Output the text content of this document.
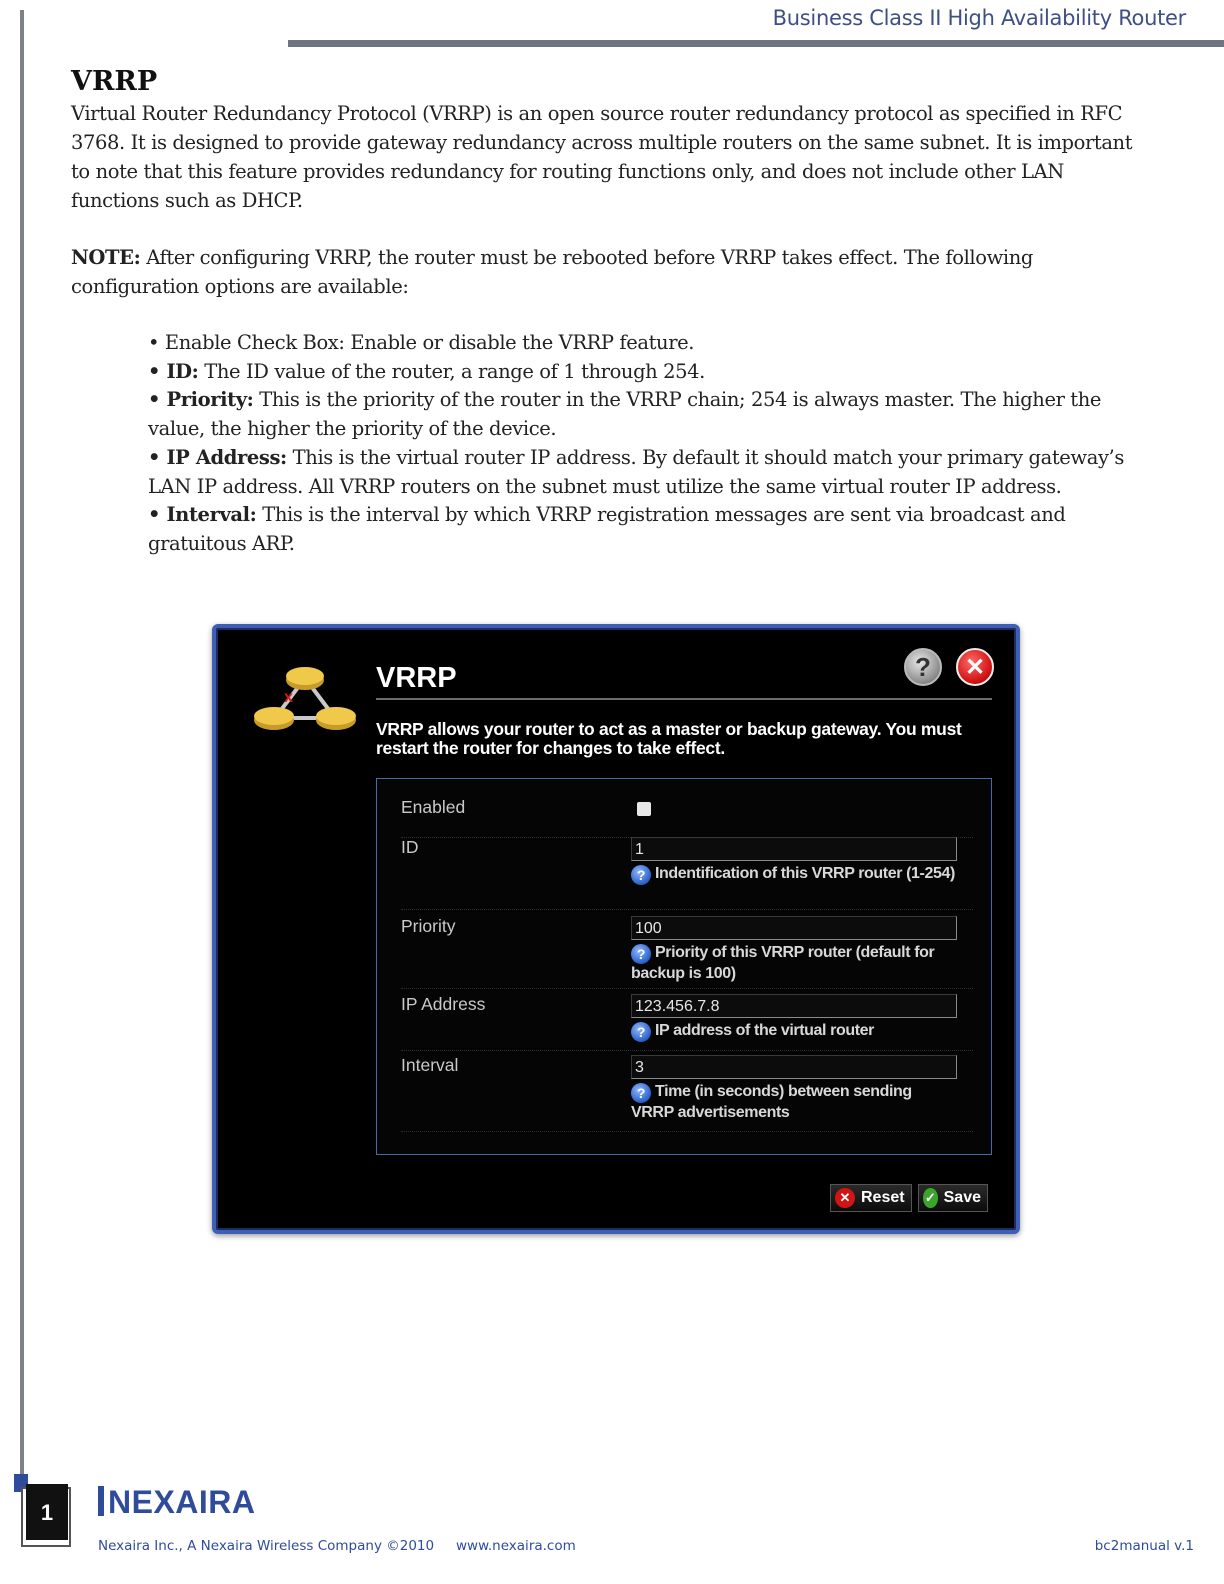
Business Class II High Availability Router
VRRP

Virtual Router Redundancy Protocol (VRRP) is an open source router redundancy protocol as specified in RFC 3768. It is designed to provide gateway redundancy across multiple routers on the same subnet. It is important to note that this feature provides redundancy for routing functions only, and does not include other LAN functions such as DHCP.

NOTE: After configuring VRRP, the router must be rebooted before VRRP takes effect. The following configuration options are available:

• Enable Check Box: Enable or disable the VRRP feature.
• ID: The ID value of the router, a range of 1 through 254.
• Priority: This is the priority of the router in the VRRP chain; 254 is always master. The higher the value, the higher the priority of the device.
• IP Address: This is the virtual router IP address. By default it should match your primary gateway’s LAN IP address. All VRRP routers on the subnet must utilize the same virtual router IP address.
• Interval: This is the interval by which VRRP registration messages are sent via broadcast and gratuitous ARP.
x
VRRP	? ✕
VRRP allows your router to act as a master or backup gateway. You must restart the router for changes to take effect.
Enabled
ID	1
? Indentification of this VRRP router (1-254)
Priority	100
? Priority of this VRRP router (default for backup is 100)
IP Address	123.456.7.8
? IP address of the virtual router
Interval	3
? Time (in seconds) between sending VRRP advertisements
✕ Reset ✓ Save
1	NEXAIRA
Nexaira Inc., A Nexaira Wireless Company ©2010 www.nexaira.com	bc2manual v.1
